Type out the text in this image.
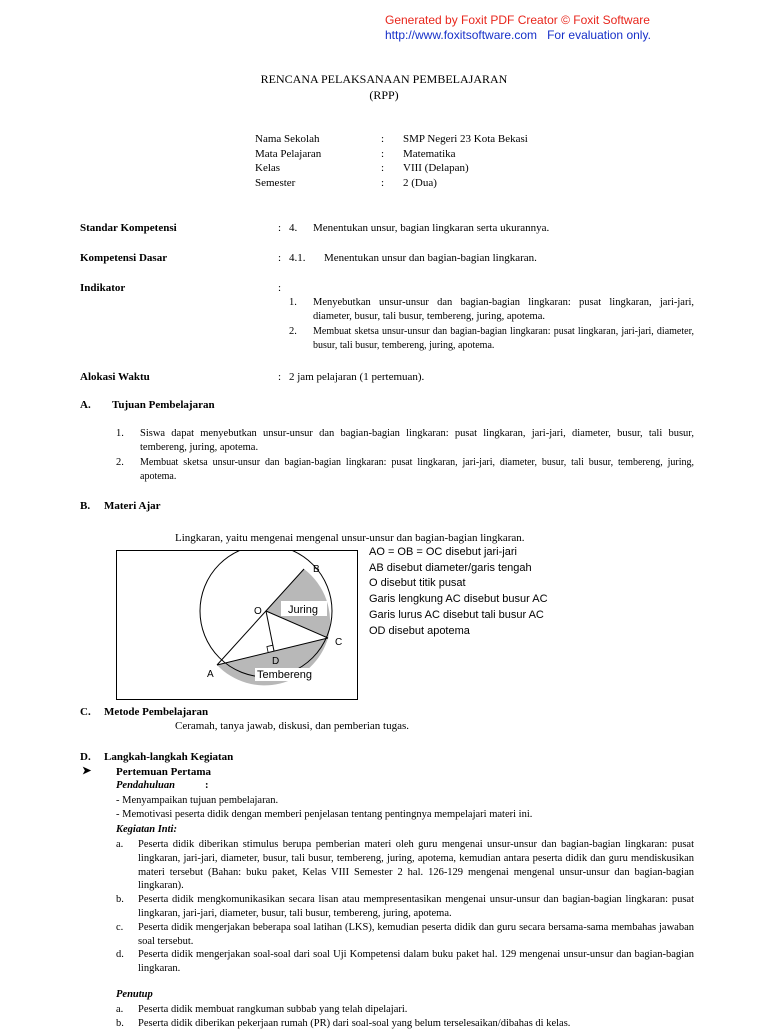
Generated by Foxit PDF Creator © Foxit Software
http://www.foxitsoftware.com For evaluation only.
RENCANA PELAKSANAAN PEMBELAJARAN
(RPP)
Nama Sekolah	:	SMP Negeri 23 Kota Bekasi
Mata Pelajaran	:	Matematika
Kelas	:	VIII (Delapan)
Semester	:	2 (Dua)
Standar Kompetensi	: 4. Menentukan unsur, bagian lingkaran serta ukurannya.
Kompetensi Dasar	: 4.1. Menentukan unsur dan bagian-bagian lingkaran.
Indikator	:
1.	Menyebutkan unsur-unsur dan bagian-bagian lingkaran: pusat lingkaran, jari-jari, diameter, busur, tali busur, tembereng, juring, apotema.
2.	Membuat sketsa unsur-unsur dan bagian-bagian lingkaran: pusat lingkaran, jari-jari, diameter, busur, tali busur, tembereng, juring, apotema.
Alokasi Waktu	: 2 jam pelajaran (1 pertemuan).
A. Tujuan Pembelajaran
1.	Siswa dapat menyebutkan unsur-unsur dan bagian-bagian lingkaran: pusat lingkaran, jari-jari, diameter, busur, tali busur, tembereng, juring, apotema.
2.	Membuat sketsa unsur-unsur dan bagian-bagian lingkaran: pusat lingkaran, jari-jari, diameter, busur, tali busur, tembereng, juring, apotema.
B. Materi Ajar
Lingkaran, yaitu mengenai mengenal unsur-unsur dan bagian-bagian lingkaran.
Juring
Tembereng
B
O
C
A
D
AO = OB = OC disebut jari-jari
AB disebut diameter/garis tengah
O disebut titik pusat
Garis lengkung AC disebut busur AC
Garis lurus AC disebut tali busur AC
OD disebut apotema
C. Metode Pembelajaran
Ceramah, tanya jawab, diskusi, dan pemberian tugas.
D. Langkah-langkah Kegiatan
➤ Pertemuan Pertama
Pendahuluan	:
- Menyampaikan tujuan pembelajaran.
- Memotivasi peserta didik dengan memberi penjelasan tentang pentingnya mempelajari materi ini.
Kegiatan Inti:
a.	Peserta didik diberikan stimulus berupa pemberian materi oleh guru mengenai unsur-unsur dan bagian-bagian lingkaran: pusat lingkaran, jari-jari, diameter, busur, tali busur, tembereng, juring, apotema, kemudian antara peserta didik dan guru mendiskusikan materi tersebut (Bahan: buku paket, Kelas VIII Semester 2 hal. 126-129 mengenai mengenal unsur-unsur dan bagian-bagian lingkaran).
b.	Peserta didik mengkomunikasikan secara lisan atau mempresentasikan mengenai unsur-unsur dan bagian-bagian lingkaran: pusat lingkaran, jari-jari, diameter, busur, tali busur, tembereng, juring, apotema.
c.	Peserta didik mengerjakan beberapa soal latihan (LKS), kemudian peserta didik dan guru secara bersama-sama membahas jawaban soal tersebut.
d.	Peserta didik mengerjakan soal-soal dari soal Uji Kompetensi dalam buku paket hal. 129 mengenai unsur-unsur dan bagian-bagian lingkaran.
Penutup
a.	Peserta didik membuat rangkuman subbab yang telah dipelajari.
b.	Peserta didik diberikan pekerjaan rumah (PR) dari soal-soal yang belum terselesaikan/dibahas di kelas.
